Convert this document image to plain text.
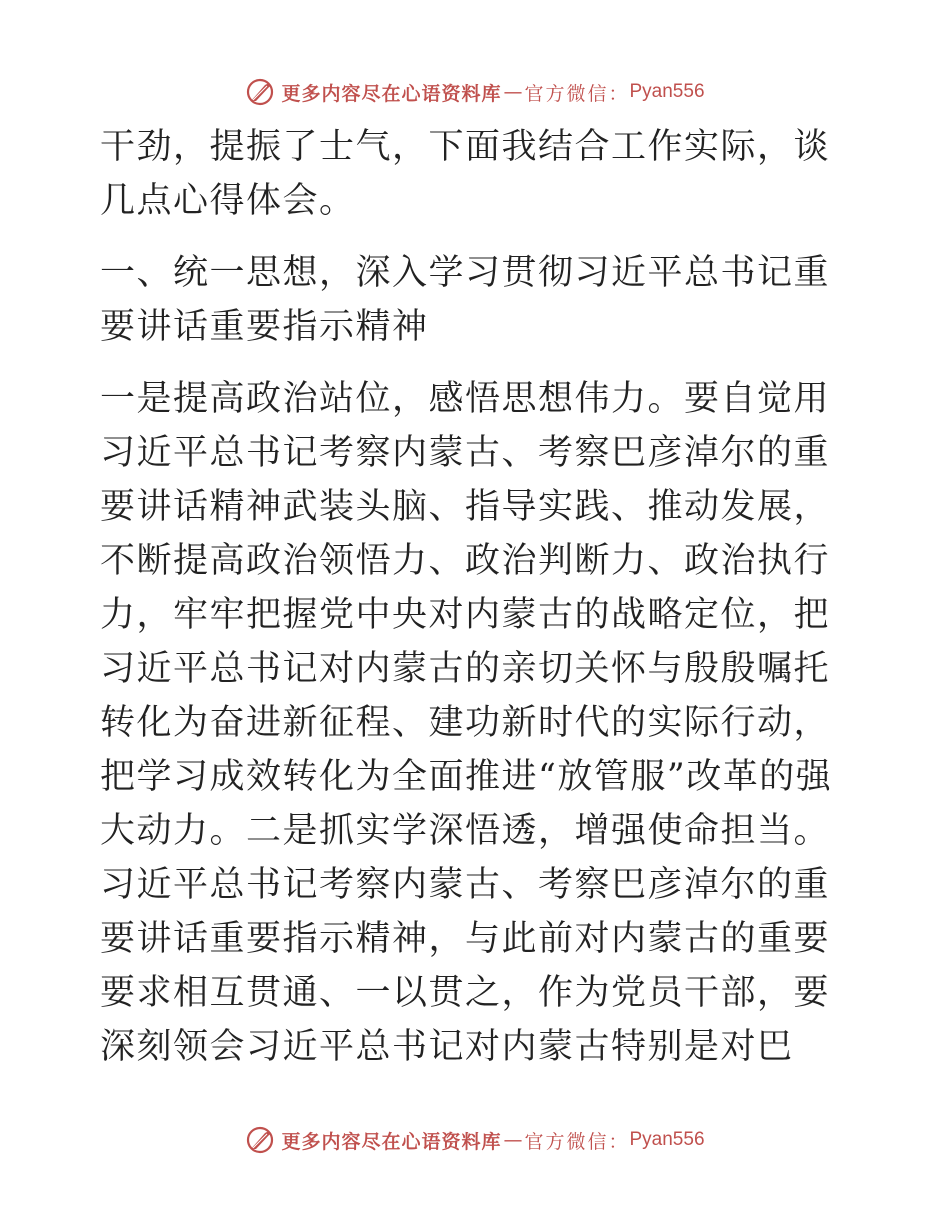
更多内容尽在心语资料库 — 官方微信： Pyan556

干劲，提振了士气，下面我结合工作实际，谈几点心得体会。

一、统一思想，深入学习贯彻习近平总书记重要讲话重要指示精神

一是提高政治站位，感悟思想伟力。要自觉用习近平总书记考察内蒙古、考察巴彦淖尔的重要讲话精神武装头脑、指导实践、推动发展，不断提高政治领悟力、政治判断力、政治执行力，牢牢把握党中央对内蒙古的战略定位，把习近平总书记对内蒙古的亲切关怀与殷殷嘱托转化为奋进新征程、建功新时代的实际行动，把学习成效转化为全面推进“放管服”改革的强大动力。二是抓实学深悟透，增强使命担当。习近平总书记考察内蒙古、考察巴彦淖尔的重要讲话重要指示精神，与此前对内蒙古的重要要求相互贯通、一以贯之，作为党员干部，要深刻领会习近平总书记对内蒙古特别是对巴

更多内容尽在心语资料库 — 官方微信： Pyan556
